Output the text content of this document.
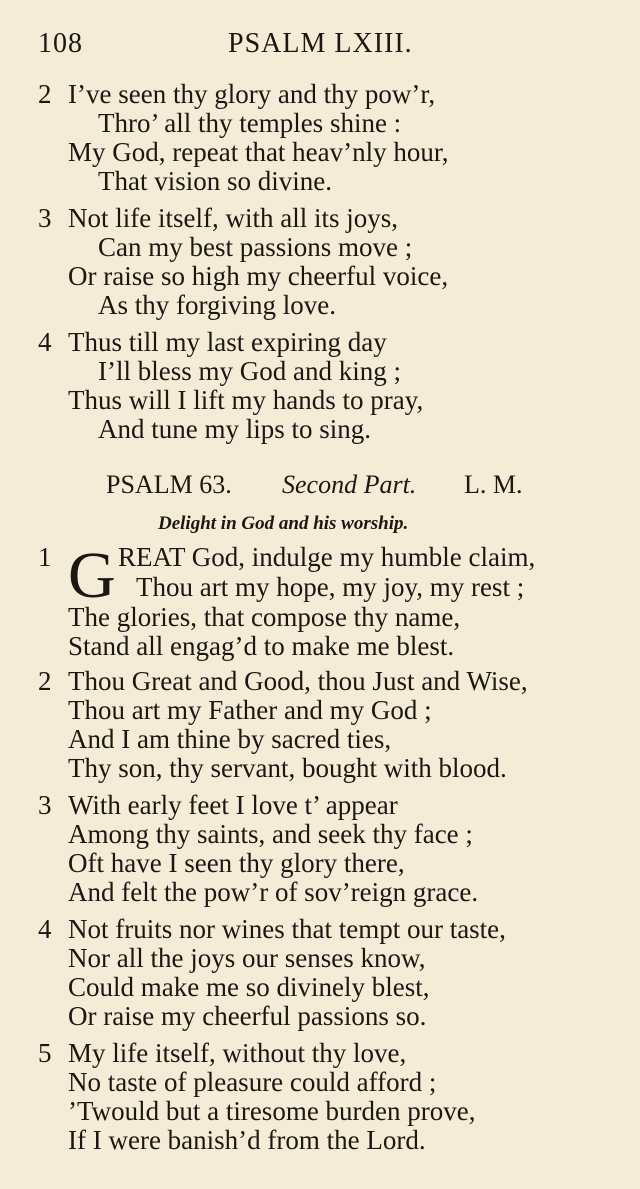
108	PSALM LXIII.
2 I’ve seen thy glory and thy pow’r,
Thro’ all thy temples shine :
My God, repeat that heav’nly hour,
That vision so divine.
3 Not life itself, with all its joys,
Can my best passions move ;
Or raise so high my cheerful voice,
As thy forgiving love.
4 Thus till my last expiring day
I’ll bless my God and king ;
Thus will I lift my hands to pray,
And tune my lips to sing.
PSALM 63. Second Part. L. M.
Delight in God and his worship.
G
1 REAT God, indulge my humble claim,
Thou art my hope, my joy, my rest ;
The glories, that compose thy name,
Stand all engag’d to make me blest.
2 Thou Great and Good, thou Just and Wise,
Thou art my Father and my God ;
And I am thine by sacred ties,
Thy son, thy servant, bought with blood.
3 With early feet I love t’ appear
Among thy saints, and seek thy face ;
Oft have I seen thy glory there,
And felt the pow’r of sov’reign grace.
4 Not fruits nor wines that tempt our taste,
Nor all the joys our senses know,
Could make me so divinely blest,
Or raise my cheerful passions so.
5 My life itself, without thy love,
No taste of pleasure could afford ;
’Twould but a tiresome burden prove,
If I were banish’d from the Lord.
